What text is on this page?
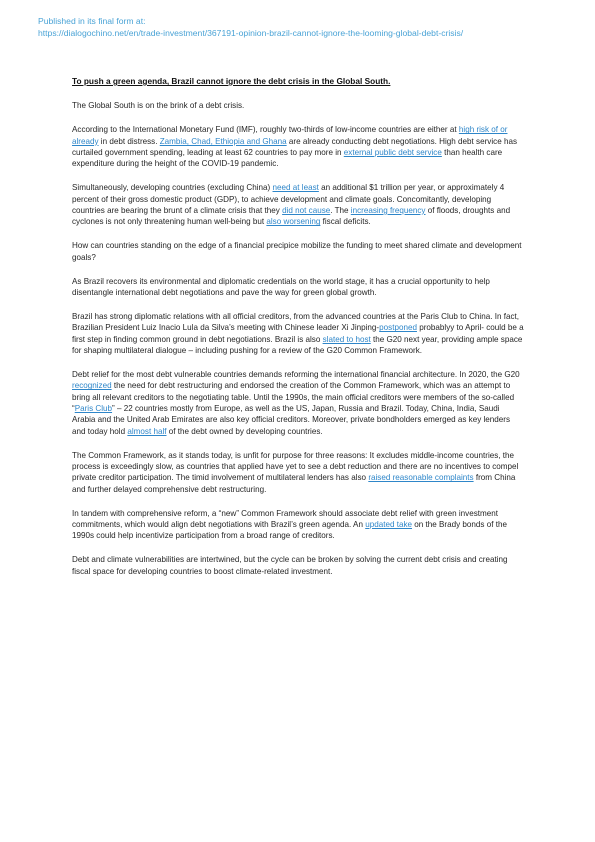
Published in its final form at:
https://dialogochino.net/en/trade-investment/367191-opinion-brazil-cannot-ignore-the-looming-global-debt-crisis/

To push a green agenda, Brazil cannot ignore the debt crisis in the Global South.

The Global South is on the brink of a debt crisis.

According to the International Monetary Fund (IMF), roughly two-thirds of low-income countries are either at high risk of or already in debt distress. Zambia, Chad, Ethiopia and Ghana are already conducting debt negotiations. High debt service has curtailed government spending, leading at least 62 countries to pay more in external public debt service than health care expenditure during the height of the COVID-19 pandemic.

Simultaneously, developing countries (excluding China) need at least an additional $1 trillion per year, or approximately 4 percent of their gross domestic product (GDP), to achieve development and climate goals. Concomitantly, developing countries are bearing the brunt of a climate crisis that they did not cause. The increasing frequency of floods, droughts and cyclones is not only threatening human well-being but also worsening fiscal deficits.

How can countries standing on the edge of a financial precipice mobilize the funding to meet shared climate and development goals?

As Brazil recovers its environmental and diplomatic credentials on the world stage, it has a crucial opportunity to help disentangle international debt negotiations and pave the way for green global growth.

Brazil has strong diplomatic relations with all official creditors, from the advanced countries at the Paris Club to China. In fact, Brazilian President Luiz Inacio Lula da Silva’s meeting with Chinese leader Xi Jinping-postponed probablyy to April- could be a first step in finding common ground in debt negotiations. Brazil is also slated to host the G20 next year, providing ample space for shaping multilateral dialogue – including pushing for a review of the G20 Common Framework.

Debt relief for the most debt vulnerable countries demands reforming the international financial architecture. In 2020, the G20 recognized the need for debt restructuring and endorsed the creation of the Common Framework, which was an attempt to bring all relevant creditors to the negotiating table. Until the 1990s, the main official creditors were members of the so-called “Paris Club” – 22 countries mostly from Europe, as well as the US, Japan, Russia and Brazil. Today, China, India, Saudi Arabia and the United Arab Emirates are also key official creditors. Moreover, private bondholders emerged as key lenders and today hold almost half of the debt owned by developing countries.

The Common Framework, as it stands today, is unfit for purpose for three reasons: It excludes middle-income countries, the process is exceedingly slow, as countries that applied have yet to see a debt reduction and there are no incentives to compel private creditor participation. The timid involvement of multilateral lenders has also raised reasonable complaints from China and further delayed comprehensive debt restructuring.

In tandem with comprehensive reform, a “new” Common Framework should associate debt relief with green investment commitments, which would align debt negotiations with Brazil’s green agenda. An updated take on the Brady bonds of the 1990s could help incentivize participation from a broad range of creditors.

Debt and climate vulnerabilities are intertwined, but the cycle can be broken by solving the current debt crisis and creating fiscal space for developing countries to boost climate-related investment.
